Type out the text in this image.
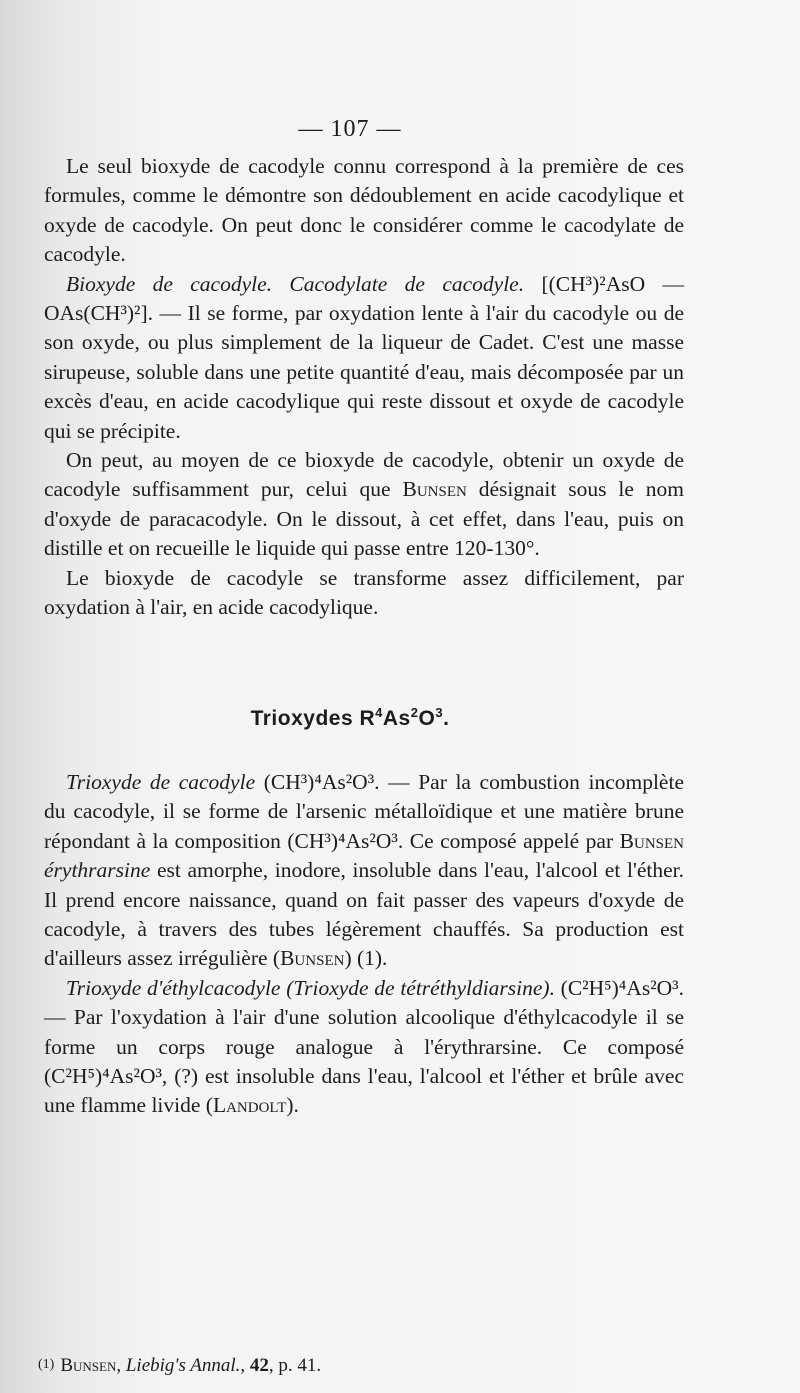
— 107 —

Le seul bioxyde de cacodyle connu correspond à la première de ces formules, comme le démontre son dédoublement en acide cacodylique et oxyde de cacodyle. On peut donc le considérer comme le cacodylate de cacodyle.

Bioxyde de cacodyle. Cacodylate de cacodyle. [(CH³)²AsO — OAs(CH³)²]. — Il se forme, par oxydation lente à l'air du cacodyle ou de son oxyde, ou plus simplement de la liqueur de Cadet. C'est une masse sirupeuse, soluble dans une petite quantité d'eau, mais décomposée par un excès d'eau, en acide cacodylique qui reste dissout et oxyde de cacodyle qui se précipite.

On peut, au moyen de ce bioxyde de cacodyle, obtenir un oxyde de cacodyle suffisamment pur, celui que Bunsen désignait sous le nom d'oxyde de paracacodyle. On le dissout, à cet effet, dans l'eau, puis on distille et on recueille le liquide qui passe entre 120-130°.

Le bioxyde de cacodyle se transforme assez difficilement, par oxydation à l'air, en acide cacodylique.

Trioxydes $R^4As^2O^3$.

Trioxyde de cacodyle (CH³)⁴As²O³. — Par la combustion incomplète du cacodyle, il se forme de l'arsenic métalloïdique et une matière brune répondant à la composition (CH³)⁴As²O³. Ce composé appelé par Bunsen érythrarsine est amorphe, inodore, insoluble dans l'eau, l'alcool et l'éther. Il prend encore naissance, quand on fait passer des vapeurs d'oxyde de cacodyle, à travers des tubes légèrement chauffés. Sa production est d'ailleurs assez irrégulière (Bunsen) (1).

Trioxyde d'éthylcacodyle (Trioxyde de tétréthyldiarsine). (C²H⁵)⁴As²O³. — Par l'oxydation à l'air d'une solution alcoolique d'éthylcacodyle il se forme un corps rouge analogue à l'érythrarsine. Ce composé (C²H⁵)⁴As²O³, (?) est insoluble dans l'eau, l'alcool et l'éther et brûle avec une flamme livide (Landolt).

(1) Bunsen, Liebig's Annal., 42, p. 41.
